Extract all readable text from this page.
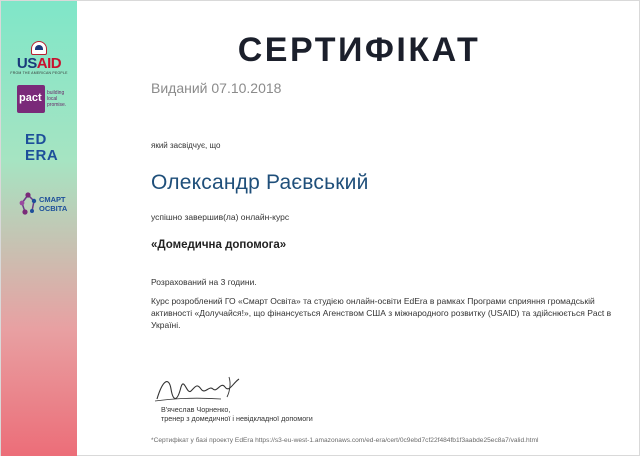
USAID
FROM THE AMERICAN PEOPLE
pact building
local
promise.
ED
ERA
СМАРТ
ОСВІТА
СЕРТИФІКАТ
Виданий 07.10.2018
який засвідчує, що
Олександр Раєвський
успішно завершив(ла) онлайн-курс
«Домедична допомога»
Розрахований на 3 години.
Курс розроблений ГО «Смарт Освіта» та студією онлайн-освіти EdEra в рамках Програми сприяння громадській активності «Долучайся!», що фінансується Агенством США з міжнародного розвитку (USAID) та здійснюється Pact в Україні.
В'ячеслав Чорненко,
тренер з домедичної і невідкладної допомоги
*Сертифікат у базі проекту EdEra https://s3-eu-west-1.amazonaws.com/ed-era/cert/0c9ebd7cf22f484fb1f3aabde25ec8a7/valid.html
